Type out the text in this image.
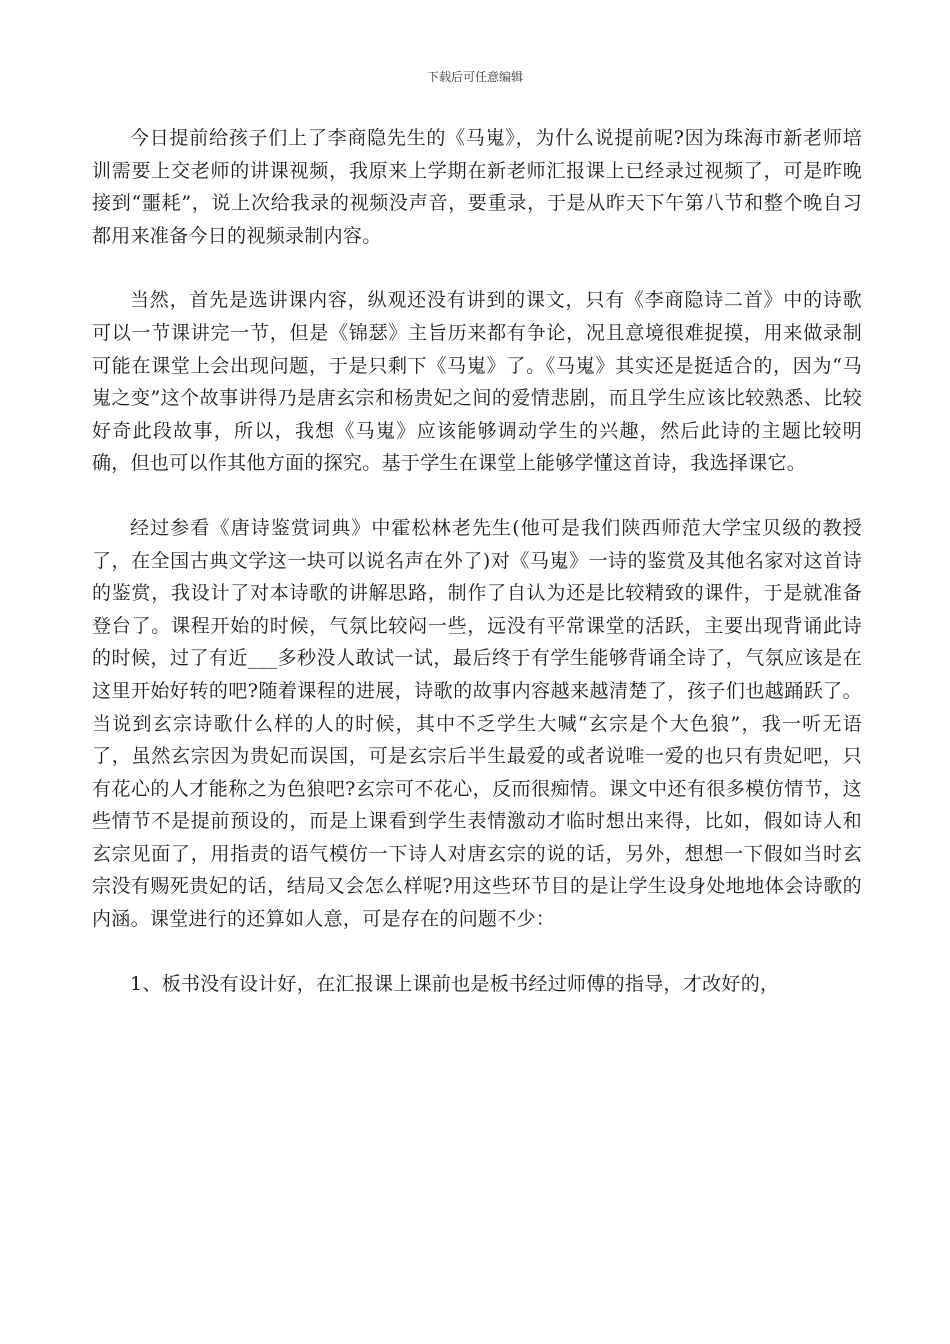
下载后可任意编辑

今日提前给孩子们上了李商隐先生的《马嵬》，为什么说提前呢?因为珠海市新老师培训需要上交老师的讲课视频，我原来上学期在新老师汇报课上已经录过视频了，可是昨晚接到“噩耗”，说上次给我录的视频没声音，要重录，于是从昨天下午第八节和整个晚自习都用来准备今日的视频录制内容。

当然，首先是选讲课内容，纵观还没有讲到的课文，只有《李商隐诗二首》中的诗歌可以一节课讲完一节，但是《锦瑟》主旨历来都有争论，况且意境很难捉摸，用来做录制可能在课堂上会出现问题，于是只剩下《马嵬》了。《马嵬》其实还是挺适合的，因为“马嵬之变”这个故事讲得乃是唐玄宗和杨贵妃之间的爱情悲剧，而且学生应该比较熟悉、比较好奇此段故事，所以，我想《马嵬》应该能够调动学生的兴趣，然后此诗的主题比较明确，但也可以作其他方面的探究。基于学生在课堂上能够学懂这首诗，我选择课它。

经过参看《唐诗鉴赏词典》中霍松林老先生(他可是我们陕西师范大学宝贝级的教授了，在全国古典文学这一块可以说名声在外了)对《马嵬》一诗的鉴赏及其他名家对这首诗的鉴赏，我设计了对本诗歌的讲解思路，制作了自认为还是比较精致的课件，于是就准备登台了。课程开始的时候，气氛比较闷一些，远没有平常课堂的活跃，主要出现背诵此诗的时候，过了有近___多秒没人敢试一试，最后终于有学生能够背诵全诗了，气氛应该是在这里开始好转的吧?随着课程的进展，诗歌的故事内容越来越清楚了，孩子们也越踊跃了。当说到玄宗诗歌什么样的人的时候，其中不乏学生大喊“玄宗是个大色狼”，我一听无语了，虽然玄宗因为贵妃而误国，可是玄宗后半生最爱的或者说唯一爱的也只有贵妃吧，只有花心的人才能称之为色狼吧?玄宗可不花心，反而很痴情。课文中还有很多模仿情节，这些情节不是提前预设的，而是上课看到学生表情激动才临时想出来得，比如，假如诗人和玄宗见面了，用指责的语气模仿一下诗人对唐玄宗的说的话，另外，想想一下假如当时玄宗没有赐死贵妃的话，结局又会怎么样呢?用这些环节目的是让学生设身处地地体会诗歌的内涵。课堂进行的还算如人意，可是存在的问题不少：

1、板书没有设计好，在汇报课上课前也是板书经过师傅的指导，才改好的，
